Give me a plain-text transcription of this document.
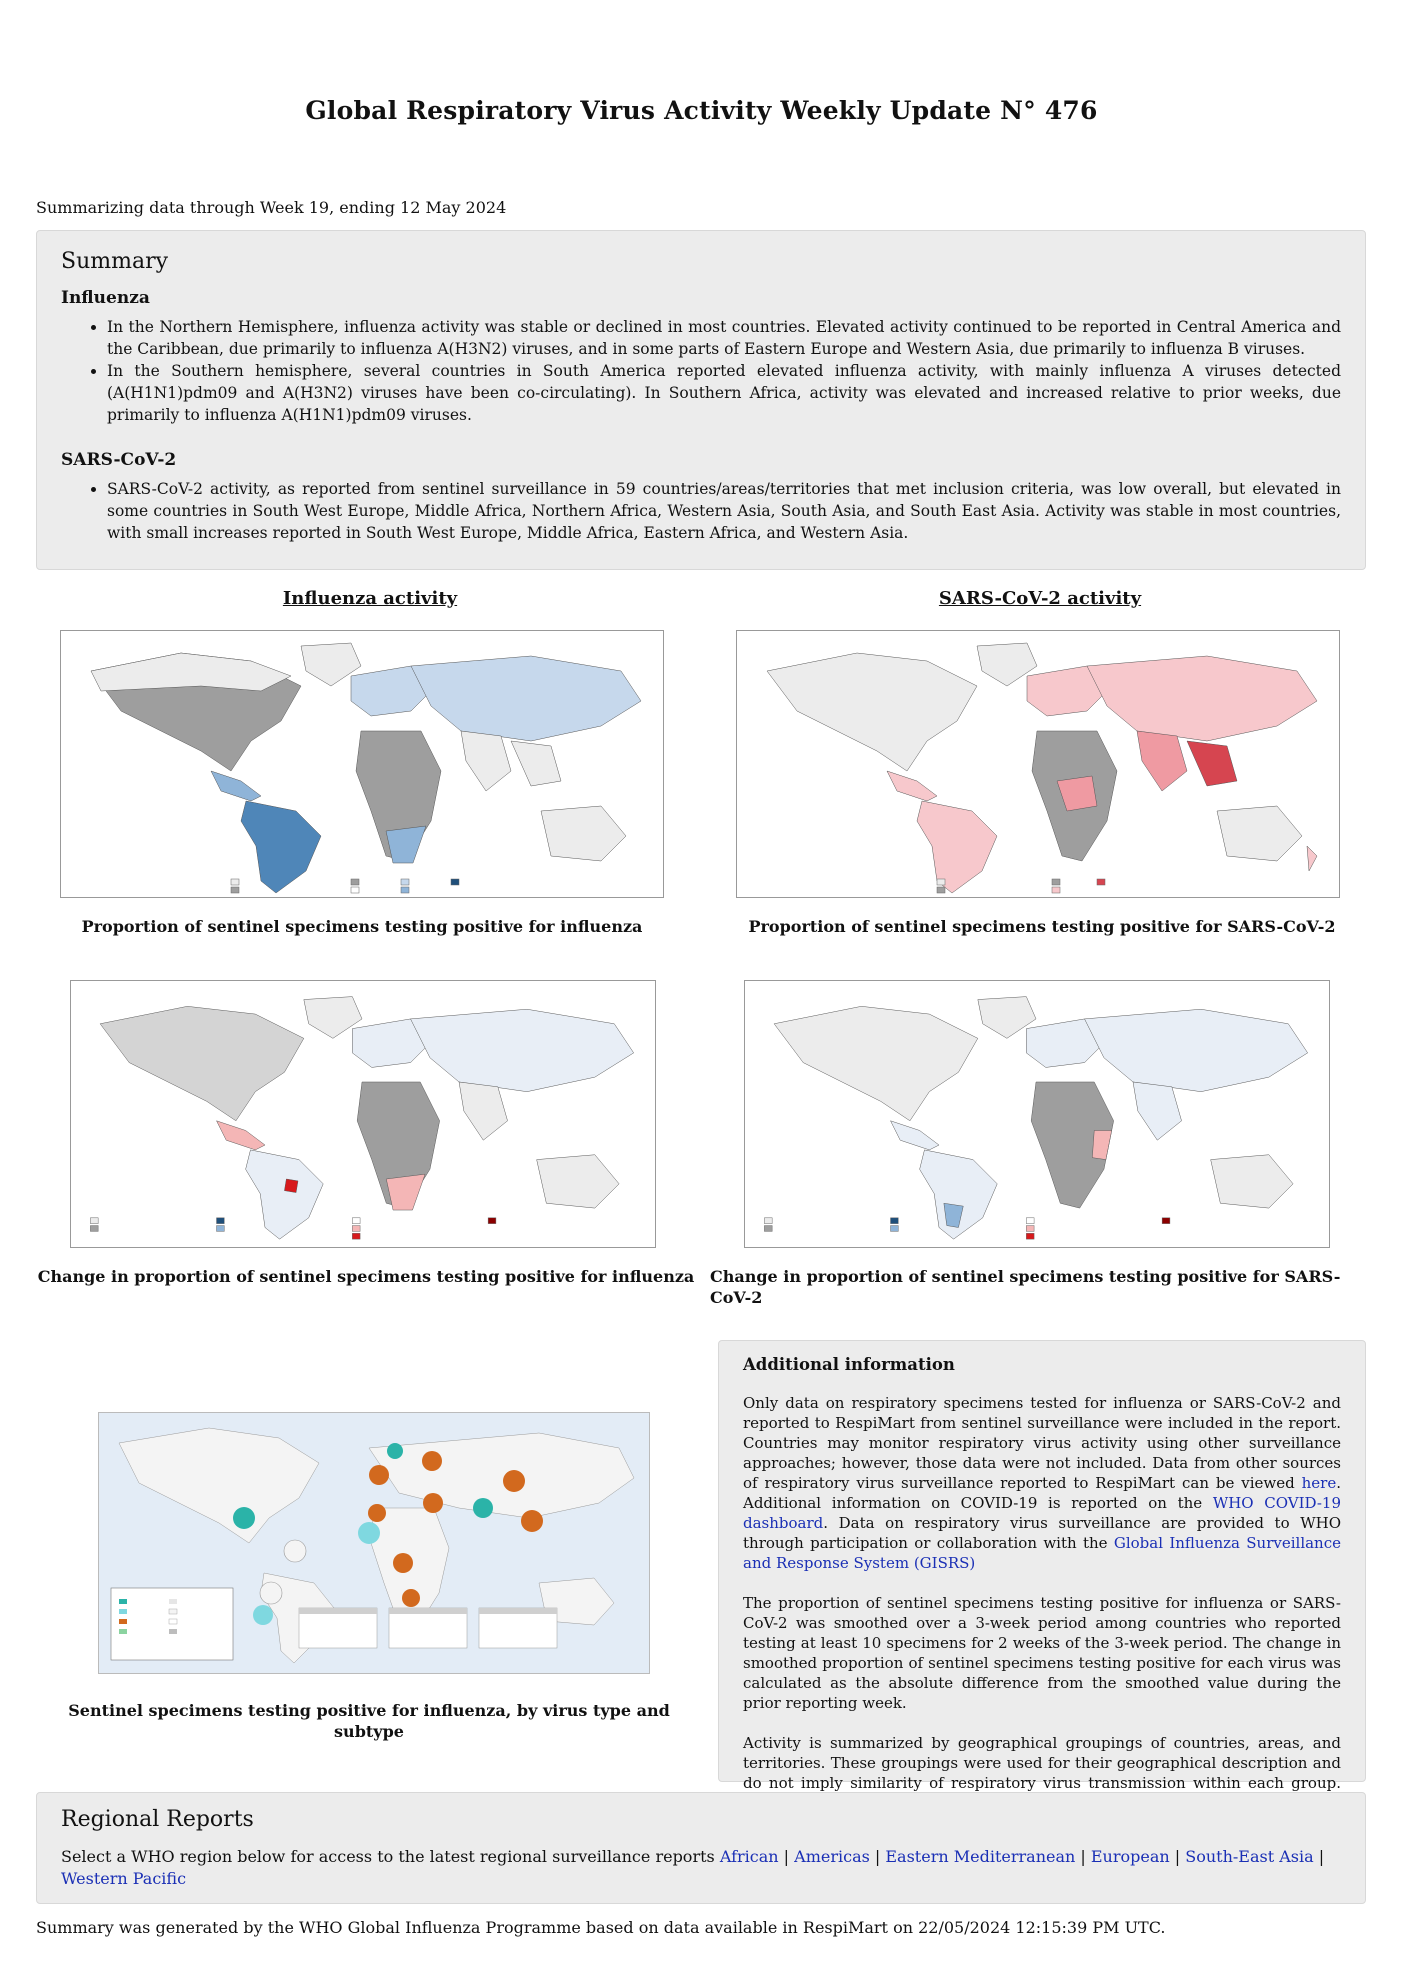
Global Respiratory Virus Activity Weekly Update N° 476
Summarizing data through Week 19, ending 12 May 2024
Summary
Influenza
• In the Northern Hemisphere, influenza activity was stable or declined in most countries. Elevated activity continued to be reported in Central America and the Caribbean, due primarily to influenza A(H3N2) viruses, and in some parts of Eastern Europe and Western Asia, due primarily to influenza B viruses.
• In the Southern hemisphere, several countries in South America reported elevated influenza activity, with mainly influenza A viruses detected (A(H1N1)pdm09 and A(H3N2) viruses have been co-circulating). In Southern Africa, activity was elevated and increased relative to prior weeks, due primarily to influenza A(H1N1)pdm09 viruses.
SARS-CoV-2
• SARS-CoV-2 activity, as reported from sentinel surveillance in 59 countries/areas/territories that met inclusion criteria, was low overall, but elevated in some countries in South West Europe, Middle Africa, Northern Africa, Western Asia, South Asia, and South East Asia. Activity was stable in most countries, with small increases reported in South West Europe, Middle Africa, Eastern Africa, and Western Asia.
Influenza activity	SARS-CoV-2 activity
Proportion of sentinel specimens testing positive for influenza	Proportion of sentinel specimens testing positive for SARS-CoV-2
Change in proportion of sentinel specimens testing positive for influenza Change in proportion of sentinel specimens testing positive for SARS-CoV-2
Sentinel specimens testing positive for influenza, by virus type and subtype
Additional information

Only data on respiratory specimens tested for influenza or SARS-CoV-2 and reported to RespiMart from sentinel surveillance were included in the report. Countries may monitor respiratory virus activity using other surveillance approaches; however, those data were not included. Data from other sources of respiratory virus surveillance reported to RespiMart can be viewed here. Additional information on COVID-19 is reported on the WHO COVID-19 dashboard. Data on respiratory virus surveillance are provided to WHO through participation or collaboration with the Global Influenza Surveillance and Response System (GISRS)

The proportion of sentinel specimens testing positive for influenza or SARS-CoV-2 was smoothed over a 3-week period among countries who reported testing at least 10 specimens for 2 weeks of the 3-week period. The change in smoothed proportion of sentinel specimens testing positive for each virus was calculated as the absolute difference from the smoothed value during the prior reporting week.

Activity is summarized by geographical groupings of countries, areas, and territories. These groupings were used for their geographical description and do not imply similarity of respiratory virus transmission within each group.

Regional Reports

Select a WHO region below for access to the latest regional surveillance reports African | Americas | Eastern Mediterranean | European | South-East Asia | Western Pacific

Summary was generated by the WHO Global Influenza Programme based on data available in RespiMart on 22/05/2024 12:15:39 PM UTC.
